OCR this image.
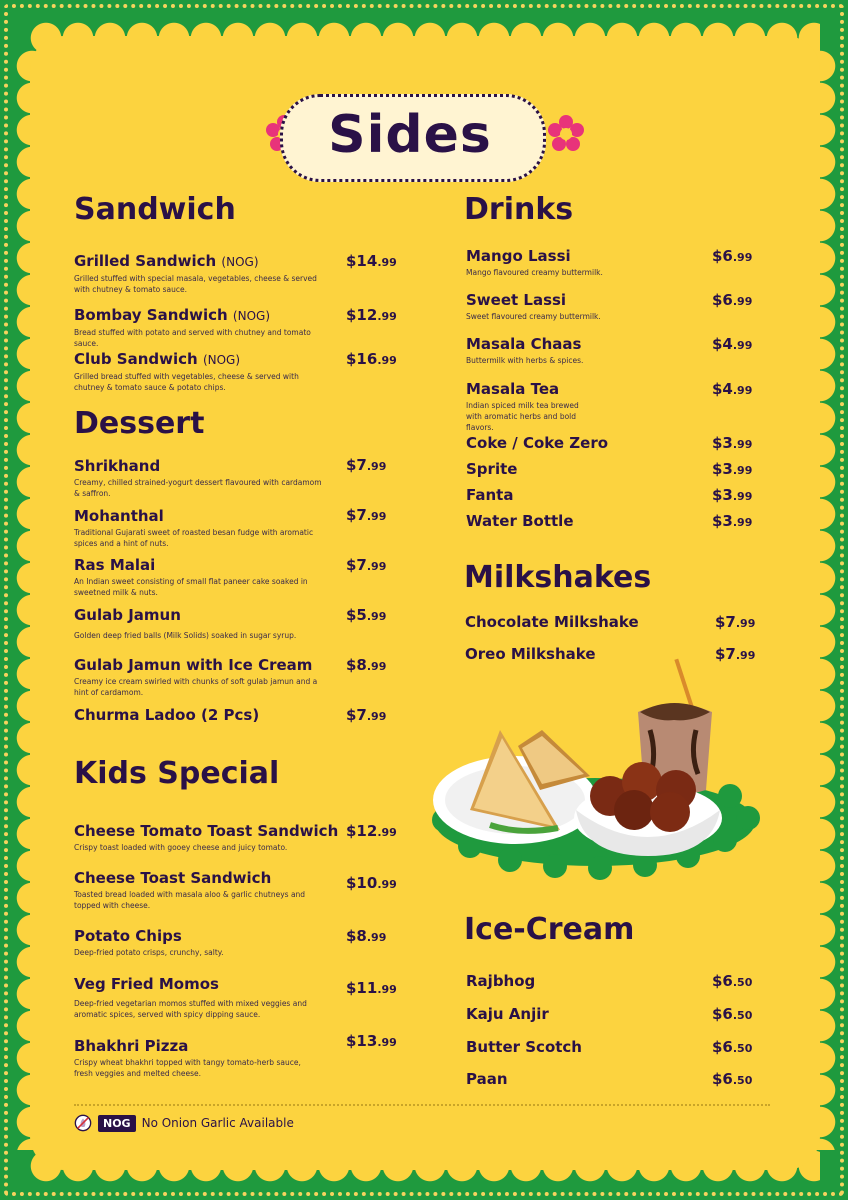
Sides
Sandwich
Grilled Sandwich (NOG)
Grilled stuffed with special masala, vegetables, cheese & served with chutney & tomato sauce.
$14.99
Bombay Sandwich (NOG)
Bread stuffed with potato and served with chutney and tomato sauce.
$12.99
Club Sandwich (NOG)
Grilled bread stuffed with vegetables, cheese & served with chutney & tomato sauce & potato chips.
$16.99
Dessert
Shrikhand
Creamy, chilled strained-yogurt dessert flavoured with cardamom & saffron.
$7.99
Mohanthal
Traditional Gujarati sweet of roasted besan fudge with aromatic spices and a hint of nuts.
$7.99
Ras Malai
An Indian sweet consisting of small flat paneer cake soaked in sweetned milk & nuts.
$7.99
Gulab Jamun
Golden deep fried balls (Milk Solids) soaked in sugar syrup.
$5.99
Gulab Jamun with Ice Cream
Creamy ice cream swirled with chunks of soft gulab jamun and a hint of cardamom.
$8.99
Churma Ladoo (2 Pcs)	$7.99
Kids Special
Cheese Tomato Toast Sandwich
Crispy toast loaded with gooey cheese and juicy tomato.
$12.99
Cheese Toast Sandwich
Toasted bread loaded with masala aloo & garlic chutneys and topped with cheese.
$10.99
Potato Chips
Deep-fried potato crisps, crunchy, salty.
$8.99
Veg Fried Momos
Deep-fried vegetarian momos stuffed with mixed veggies and aromatic spices, served with spicy dipping sauce.
$11.99
Bhakhri Pizza
Crispy wheat bhakhri topped with tangy tomato-herb sauce, fresh veggies and melted cheese.
$13.99
Drinks
Mango Lassi
Mango flavoured creamy buttermilk.
$6.99
Sweet Lassi
Sweet flavoured creamy buttermilk.
$6.99
Masala Chaas
Buttermilk with herbs & spices.
$4.99
Masala Tea
Indian spiced milk tea brewed with aromatic herbs and bold flavors.
$4.99
Coke / Coke Zero	$3.99
Sprite	$3.99
Fanta	$3.99
Water Bottle	$3.99
Milkshakes
Chocolate Milkshake	$7.99
Oreo Milkshake	$7.99
Ice-Cream
Rajbhog	$6.50
Kaju Anjir	$6.50
Butter Scotch	$6.50
Paan	$6.50
NOG No Onion Garlic Available
